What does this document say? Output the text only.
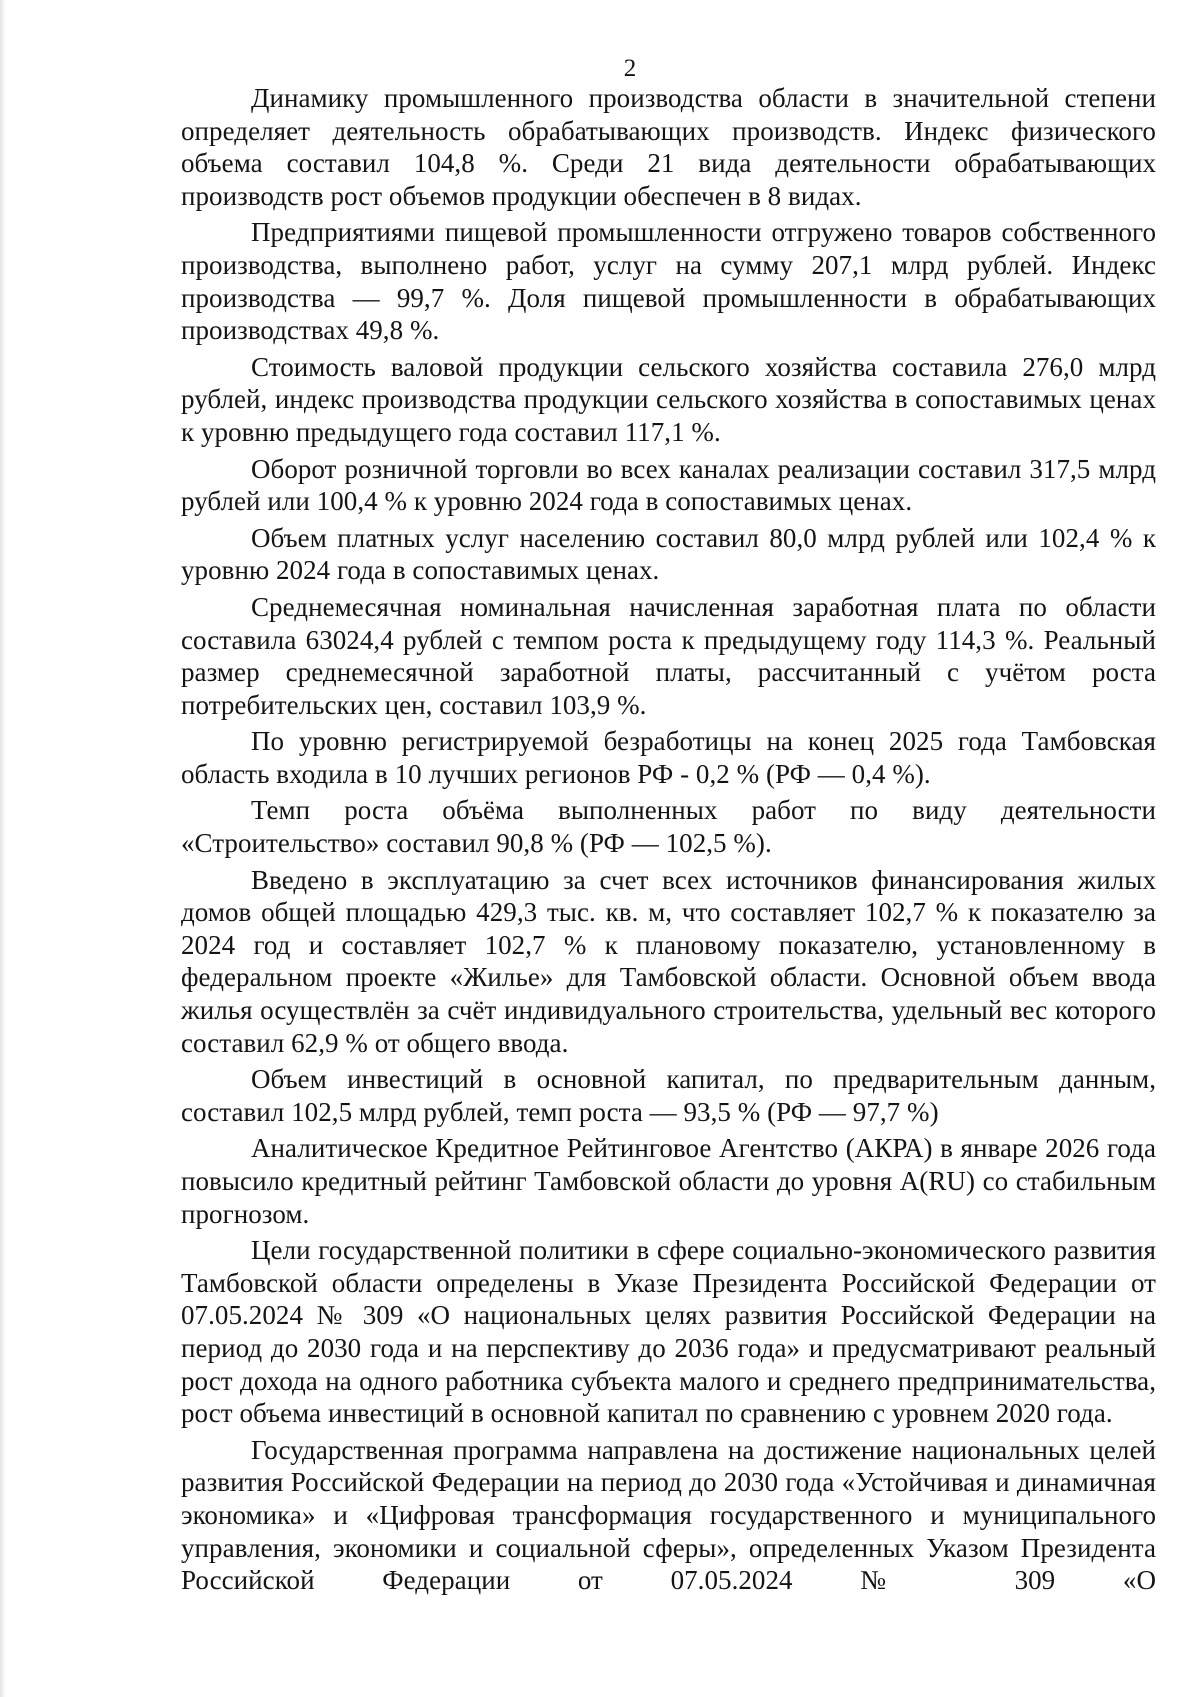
2

Динамику промышленного производства области в значительной степени определяет деятельность обрабатывающих производств. Индекс физического объема составил 104,8 %. Среди 21 вида деятельности обрабатывающих производств рост объемов продукции обеспечен в 8 видах.

Предприятиями пищевой промышленности отгружено товаров собственного производства, выполнено работ, услуг на сумму 207,1 млрд рублей. Индекс производства — 99,7 %. Доля пищевой промышленности в обрабатывающих производствах 49,8 %.

Стоимость валовой продукции сельского хозяйства составила 276,0 млрд рублей, индекс производства продукции сельского хозяйства в сопоставимых ценах к уровню предыдущего года составил 117,1 %.

Оборот розничной торговли во всех каналах реализации составил 317,5 млрд рублей или 100,4 % к уровню 2024 года в сопоставимых ценах.

Объем платных услуг населению составил 80,0 млрд рублей или 102,4 % к уровню 2024 года в сопоставимых ценах.

Среднемесячная номинальная начисленная заработная плата по области составила 63024,4 рублей с темпом роста к предыдущему году 114,3 %. Реальный размер среднемесячной заработной платы, рассчитанный с учётом роста потребительских цен, составил 103,9 %.

По уровню регистрируемой безработицы на конец 2025 года Тамбовская область входила в 10 лучших регионов РФ - 0,2 % (РФ — 0,4 %).

Темп роста объёма выполненных работ по виду деятельности «Строительство» составил 90,8 % (РФ — 102,5 %).

Введено в эксплуатацию за счет всех источников финансирования жилых домов общей площадью 429,3 тыс. кв. м, что составляет 102,7 % к показателю за 2024 год и составляет 102,7 % к плановому показателю, установленному в федеральном проекте «Жилье» для Тамбовской области. Основной объем ввода жилья осуществлён за счёт индивидуального строительства, удельный вес которого составил 62,9 % от общего ввода.

Объем инвестиций в основной капитал, по предварительным данным, составил 102,5 млрд рублей, темп роста — 93,5 % (РФ — 97,7 %)

Аналитическое Кредитное Рейтинговое Агентство (АКРА) в январе 2026 года повысило кредитный рейтинг Тамбовской области до уровня A(RU) со стабильным прогнозом.

Цели государственной политики в сфере социально-экономического развития Тамбовской области определены в Указе Президента Российской Федерации от 07.05.2024 № 309 «О национальных целях развития Российской Федерации на период до 2030 года и на перспективу до 2036 года» и предусматривают реальный рост дохода на одного работника субъекта малого и среднего предпринимательства, рост объема инвестиций в основной капитал по сравнению с уровнем 2020 года.

Государственная программа направлена на достижение национальных целей развития Российской Федерации на период до 2030 года «Устойчивая и динамичная экономика» и «Цифровая трансформация государственного и муниципального управления, экономики и социальной сферы», определенных Указом Президента Российской Федерации от 07.05.2024 № 309 «О
